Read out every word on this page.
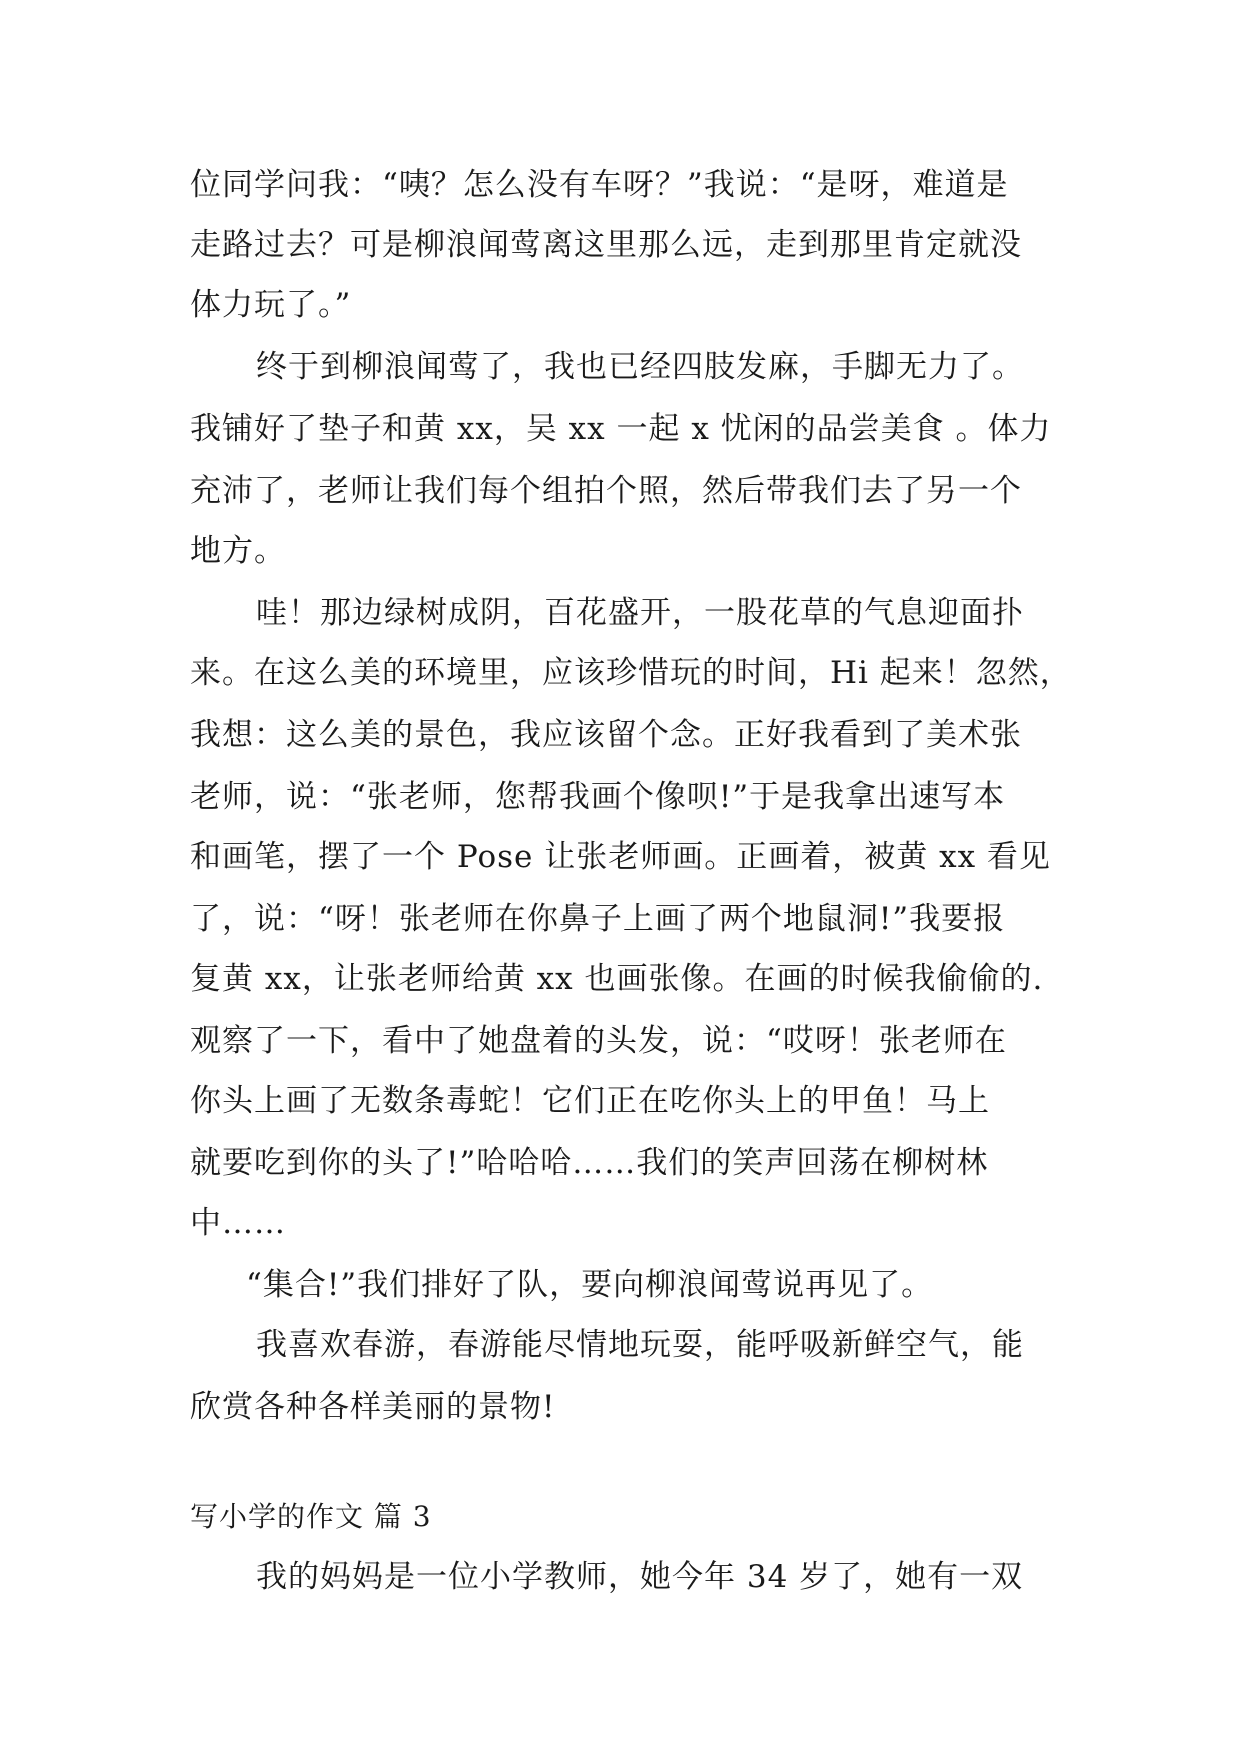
位同学问我：“咦？怎么没有车呀？”我说：“是呀，难道是
走路过去？可是柳浪闻莺离这里那么远，走到那里肯定就没
体力玩了。”
终于到柳浪闻莺了，我也已经四肢发麻，手脚无力了。
我铺好了垫子和黄 xx，吴 xx 一起 x 忧闲的品尝美食 。体力
充沛了，老师让我们每个组拍个照，然后带我们去了另一个
地方。
哇！那边绿树成阴，百花盛开，一股花草的气息迎面扑
来。在这么美的环境里，应该珍惜玩的时间，Hi 起来！忽然，
我想：这么美的景色，我应该留个念。正好我看到了美术张
老师，说：“张老师，您帮我画个像呗!”于是我拿出速写本
和画笔，摆了一个 Pose 让张老师画。正画着，被黄 xx 看见
了，说：“呀！张老师在你鼻子上画了两个地鼠洞!”我要报
复黄 xx，让张老师给黄 xx 也画张像。在画的时候我偷偷的.
观察了一下，看中了她盘着的头发，说：“哎呀！张老师在
你头上画了无数条毒蛇！它们正在吃你头上的甲鱼！马上
就要吃到你的头了!”哈哈哈……我们的笑声回荡在柳树林
中……
“集合!”我们排好了队，要向柳浪闻莺说再见了。
我喜欢春游，春游能尽情地玩耍，能呼吸新鲜空气，能
欣赏各种各样美丽的景物!
写小学的作文 篇 3
我的妈妈是一位小学教师，她今年 34 岁了，她有一双
